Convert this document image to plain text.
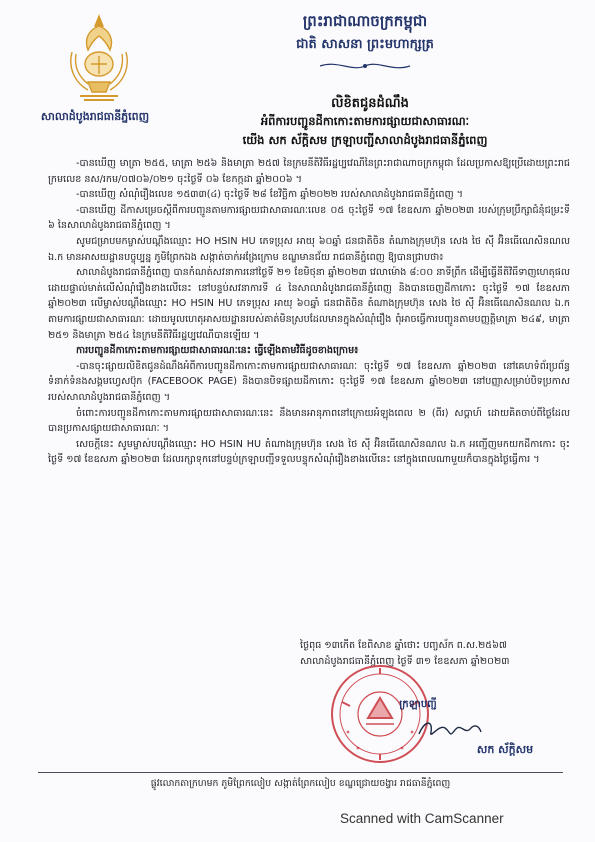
សាលាដំបូងរាជធានីភ្នំពេញ
ព្រះរាជាណាចក្រកម្ពុជា
ជាតិ សាសនា ព្រះមហាក្សត្រ
លិខិតជូនដំណឹង
អំពីការបញ្ជូនដីកាកោះតាមការផ្សាយជាសាធារណៈ
យើង សក ស័ក្តិសម ក្រឡាបញ្ជីសាលាដំបូងរាជធានីភ្នំពេញ

-បានឃើញ មាត្រា ២៥៥, មាត្រា ២៥៦ និងមាត្រា ២៥៧ នៃក្រមនីតិវិធីរដ្ឋប្បវេណីនៃព្រះរាជាណាចក្រកម្ពុជា ដែលប្រកាសឱ្យប្រើដោយព្រះរាជក្រមលេខ នស/រកម/០៧០៦/០២១ ចុះថ្ងៃទី ០៦ ខែកក្កដា ឆ្នាំ២០០៦ ។

-បានឃើញ សំណុំរឿងលេខ ១៥៣៣(៤) ចុះថ្ងៃទី ២៨ ខែវិច្ឆិកា ឆ្នាំ២០២២ របស់សាលាដំបូងរាជធានីភ្នំពេញ ។

-បានឃើញ ដីកាសម្រេចស្តីពីការបញ្ជូនតាមការផ្សាយជាសាធារណៈលេខ ០៥ ចុះថ្ងៃទី ១៧ ខែឧសភា ឆ្នាំ២០២៣ របស់ក្រុមប្រឹក្សាជំនុំជម្រះទី ៦ នៃសាលាដំបូងរាជធានីភ្នំពេញ ។

សូមជម្រាបមកម្ចាស់បណ្តឹងឈ្មោះ HO HSIN HU ភេទប្រុស អាយុ ៦០ឆ្នាំ ជនជាតិចិន តំណាងក្រុមហ៊ុន សេង ថៃ ស៊ី អ៊ិនធើណេសិនណល ឯ.ក មានអាសយដ្ឋានបច្ចុប្បន្ន ភូមិព្រែកឯង សង្កាត់ចាក់អង្រែក្រោម ខណ្ឌមានជ័យ រាជធានីភ្នំពេញ ឱ្យបានជ្រាបថា៖

សាលាដំបូងរាជធានីភ្នំពេញ បានកំណត់សវនាការនៅថ្ងៃទី ២១ ខែមិថុនា ឆ្នាំ២០២៣ វេលាម៉ោង ៨:០០ នាទីព្រឹក ដើម្បីធ្វើនីតិវិធីទាញហេតុផលដោយផ្ទាល់មាត់លើសំណុំរឿងខាងលើនេះ នៅបន្ទប់សវនាការទី ៤ នៃសាលាដំបូងរាជធានីភ្នំពេញ និងបានចេញដីកាកោះ ចុះថ្ងៃទី ១៧ ខែឧសភា ឆ្នាំ២០២៣ លើម្ចាស់បណ្តឹងឈ្មោះ HO HSIN HU ភេទប្រុស អាយុ ៦០ឆ្នាំ ជនជាតិចិន តំណាងក្រុមហ៊ុន សេង ថៃ ស៊ី អ៊ិនធើណេសិនណល ឯ.ក តាមការផ្សាយជាសាធារណៈ ដោយមូលហេតុអាសយដ្ឋានរបស់គាត់មិនស្របដែលមានក្នុងសំណុំរឿង ពុំអាចធ្វើការបញ្ជូនតាមបញ្ញត្តិមាត្រា ២៤៩, មាត្រា ២៥១ និងមាត្រា ២៥៤ នៃក្រមនីតិវិធីរដ្ឋប្បវេណីបានឡើយ ។

ការបញ្ជូនដីកាកោះតាមការផ្សាយជាសាធារណៈនេះ ធ្វើឡើងតាមវិធីដូចខាងក្រោម៖

-បានចុះផ្សាយលិខិតជូនដំណឹងអំពីការបញ្ជូនដីកាកោះតាមការផ្សាយជាសាធារណៈ ចុះថ្ងៃទី ១៧ ខែឧសភា ឆ្នាំ២០២៣ នៅគេហទំព័រប្រព័ន្ធទំនាក់ទំនងសង្គមហ្វេសប៊ុក (FACEBOOK PAGE) និងបានបិទផ្សាយដីកាកោះ ចុះថ្ងៃទី ១៧ ខែឧសភា ឆ្នាំ២០២៣ នៅបញ្ញាសម្រាប់បិទប្រកាសរបស់សាលាដំបូងរាជធានីភ្នំពេញ ។

ចំពោះការបញ្ជូនដីកាកោះតាមការផ្សាយជាសាធារណៈនេះ នឹងមានអានុភាពនៅក្រោយអំឡុងពេល ២ (ពីរ) សប្តាហ៍ ដោយគិតចាប់ពីថ្ងៃដែលបានប្រកាសផ្សាយជាសាធារណៈ ។

សេចក្តីនេះ សូមម្ចាស់បណ្តឹងឈ្មោះ HO HSIN HU តំណាងក្រុមហ៊ុន សេង ថៃ ស៊ី អ៊ិនធើណេសិនណល ឯ.ក អញ្ជើញមកយកដីកាកោះ ចុះថ្ងៃទី ១៧ ខែឧសភា ឆ្នាំ២០២៣ ដែលរក្សាទុកនៅបន្ទប់ក្រឡាបញ្ជីទទួលបន្ទុកសំណុំរឿងខាងលើនេះ នៅក្នុងពេលណាមួយក៏បានក្នុងថ្ងៃធ្វើការ ។

ថ្ងៃពុធ ១៣កើត ខែពិសាខ ឆ្នាំថោះ បញ្ចស័ក ព.ស.២៥៦៧
សាលាដំបូងរាជធានីភ្នំពេញ ថ្ងៃទី ៣១ ខែឧសភា ឆ្នាំ២០២៣
ក្រឡាបញ្ជី
សក ស័ក្តិសម
ផ្លូវលោកតាក្រហមក ភូមិព្រែកលៀប សង្កាត់ព្រែកលៀប ខណ្ឌជ្រោយចង្វារ រាជធានីភ្នំពេញ
Scanned with CamScanner
